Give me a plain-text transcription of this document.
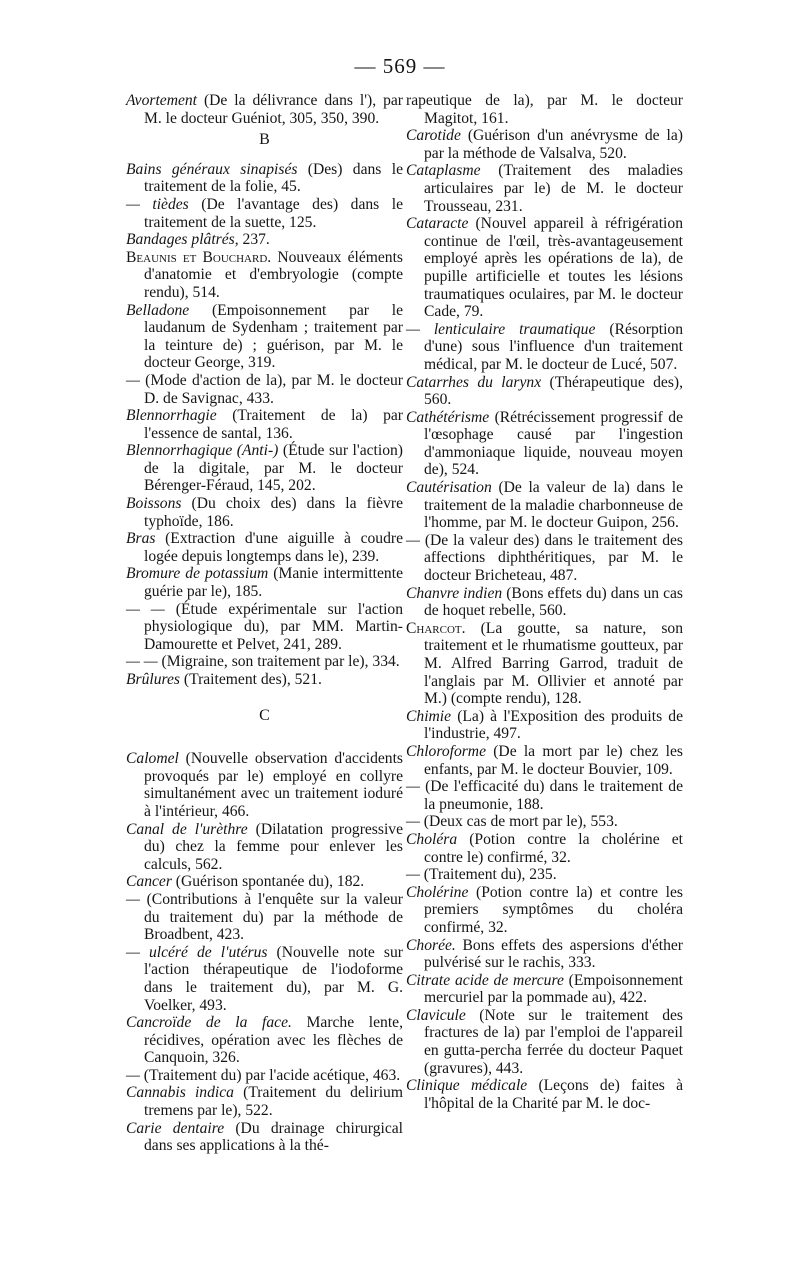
— 569 —
Avortement (De la délivrance dans l'), par M. le docteur Guéniot, 305, 350, 390.
B
Bains généraux sinapisés (Des) dans le traitement de la folie, 45.
— tièdes (De l'avantage des) dans le traitement de la suette, 125.
Bandages plâtrés, 237.
Beaunis et Bouchard. Nouveaux éléments d'anatomie et d'embryologie (compte rendu), 514.
Belladone (Empoisonnement par le laudanum de Sydenham ; traitement par la teinture de) ; guérison, par M. le docteur George, 319.
— (Mode d'action de la), par M. le docteur D. de Savignac, 433.
Blennorrhagie (Traitement de la) par l'essence de santal, 136.
Blennorrhagique (Anti-) (Étude sur l'action) de la digitale, par M. le docteur Bérenger-Féraud, 145, 202.
Boissons (Du choix des) dans la fièvre typhoïde, 186.
Bras (Extraction d'une aiguille à coudre logée depuis longtemps dans le), 239.
Bromure de potassium (Manie intermittente guérie par le), 185.
— — (Étude expérimentale sur l'action physiologique du), par MM. Martin-Damourette et Pelvet, 241, 289.
— — (Migraine, son traitement par le), 334.
Brûlures (Traitement des), 521.
C
Calomel (Nouvelle observation d'accidents provoqués par le) employé en collyre simultanément avec un traitement ioduré à l'intérieur, 466.
Canal de l'urèthre (Dilatation progressive du) chez la femme pour enlever les calculs, 562.
Cancer (Guérison spontanée du), 182.
— (Contributions à l'enquête sur la valeur du traitement du) par la méthode de Broadbent, 423.
— ulcéré de l'utérus (Nouvelle note sur l'action thérapeutique de l'iodoforme dans le traitement du), par M. G. Voelker, 493.
Cancroïde de la face. Marche lente, récidives, opération avec les flèches de Canquoin, 326.
— (Traitement du) par l'acide acétique, 463.
Cannabis indica (Traitement du delirium tremens par le), 522.
Carie dentaire (Du drainage chirurgical dans ses applications à la thé-
rapeutique de la), par M. le docteur Magitot, 161.
Carotide (Guérison d'un anévrysme de la) par la méthode de Valsalva, 520.
Cataplasme (Traitement des maladies articulaires par le) de M. le docteur Trousseau, 231.
Cataracte (Nouvel appareil à réfrigération continue de l'œil, très-avantageusement employé après les opérations de la), de pupille artificielle et toutes les lésions traumatiques oculaires, par M. le docteur Cade, 79.
— lenticulaire traumatique (Résorption d'une) sous l'influence d'un traitement médical, par M. le docteur de Lucé, 507.
Catarrhes du larynx (Thérapeutique des), 560.
Cathétérisme (Rétrécissement progressif de l'œsophage causé par l'ingestion d'ammoniaque liquide, nouveau moyen de), 524.
Cautérisation (De la valeur de la) dans le traitement de la maladie charbonneuse de l'homme, par M. le docteur Guipon, 256.
— (De la valeur des) dans le traitement des affections diphthéritiques, par M. le docteur Bricheteau, 487.
Chanvre indien (Bons effets du) dans un cas de hoquet rebelle, 560.
Charcot. (La goutte, sa nature, son traitement et le rhumatisme goutteux, par M. Alfred Barring Garrod, traduit de l'anglais par M. Ollivier et annoté par M.) (compte rendu), 128.
Chimie (La) à l'Exposition des produits de l'industrie, 497.
Chloroforme (De la mort par le) chez les enfants, par M. le docteur Bouvier, 109.
— (De l'efficacité du) dans le traitement de la pneumonie, 188.
— (Deux cas de mort par le), 553.
Choléra (Potion contre la cholérine et contre le) confirmé, 32.
— (Traitement du), 235.
Cholérine (Potion contre la) et contre les premiers symptômes du choléra confirmé, 32.
Chorée. Bons effets des aspersions d'éther pulvérisé sur le rachis, 333.
Citrate acide de mercure (Empoisonnement mercuriel par la pommade au), 422.
Clavicule (Note sur le traitement des fractures de la) par l'emploi de l'appareil en gutta-percha ferrée du docteur Paquet (gravures), 443.
Clinique médicale (Leçons de) faites à l'hôpital de la Charité par M. le doc-
